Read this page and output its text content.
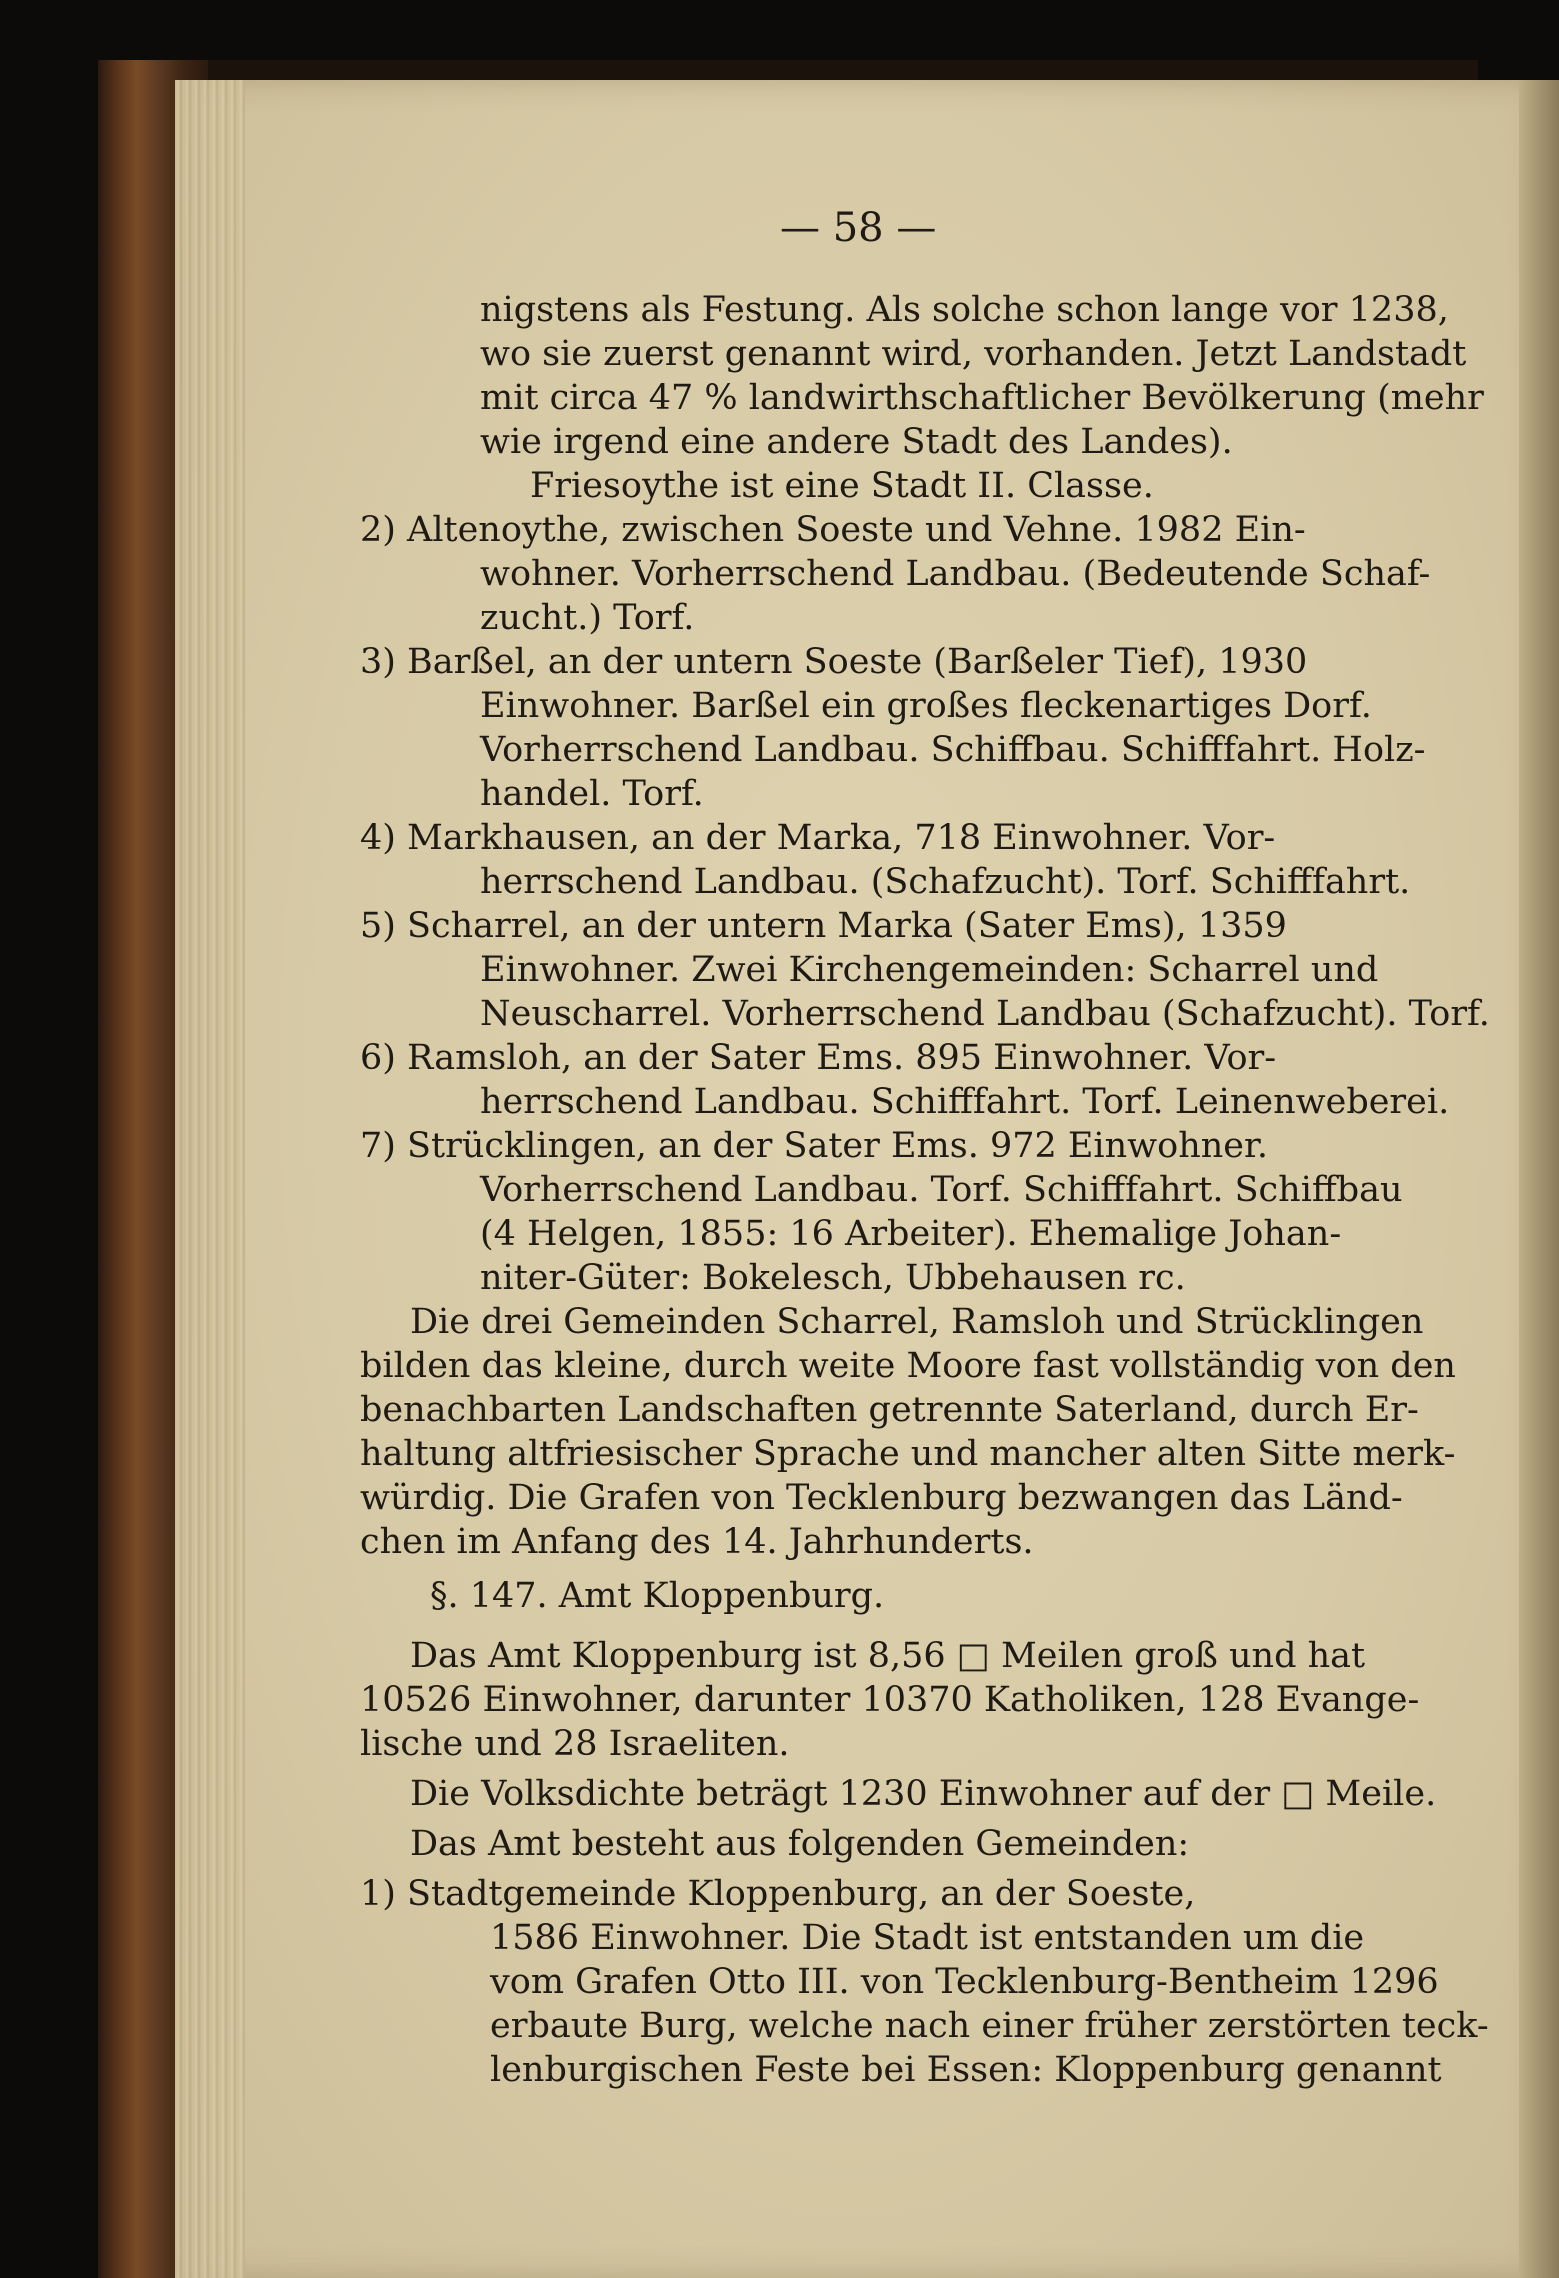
— 58 —
nigstens als Festung. Als solche schon lange vor 1238,
wo sie zuerst genannt wird, vorhanden. Jetzt Landstadt
mit circa 47 % landwirthschaftlicher Bevölkerung (mehr
wie irgend eine andere Stadt des Landes).
Friesoythe ist eine Stadt II. Classe.
2) Altenoythe, zwischen Soeste und Vehne. 1982 Ein-
wohner. Vorherrschend Landbau. (Bedeutende Schaf-
zucht.) Torf.
3) Barßel, an der untern Soeste (Barßeler Tief), 1930
Einwohner. Barßel ein großes fleckenartiges Dorf.
Vorherrschend Landbau. Schiffbau. Schifffahrt. Holz-
handel. Torf.
4) Markhausen, an der Marka, 718 Einwohner. Vor-
herrschend Landbau. (Schafzucht). Torf. Schifffahrt.
5) Scharrel, an der untern Marka (Sater Ems), 1359
Einwohner. Zwei Kirchengemeinden: Scharrel und
Neuscharrel. Vorherrschend Landbau (Schafzucht). Torf.
6) Ramsloh, an der Sater Ems. 895 Einwohner. Vor-
herrschend Landbau. Schifffahrt. Torf. Leinenweberei.
7) Strücklingen, an der Sater Ems. 972 Einwohner.
Vorherrschend Landbau. Torf. Schifffahrt. Schiffbau
(4 Helgen, 1855: 16 Arbeiter). Ehemalige Johan-
niter-Güter: Bokelesch, Ubbehausen rc.
Die drei Gemeinden Scharrel, Ramsloh und Strücklingen
bilden das kleine, durch weite Moore fast vollständig von den
benachbarten Landschaften getrennte Saterland, durch Er-
haltung altfriesischer Sprache und mancher alten Sitte merk-
würdig. Die Grafen von Tecklenburg bezwangen das Länd-
chen im Anfang des 14. Jahrhunderts.
§. 147. Amt Kloppenburg.
Das Amt Kloppenburg ist 8,56 □ Meilen groß und hat
10526 Einwohner, darunter 10370 Katholiken, 128 Evange-
lische und 28 Israeliten.
Die Volksdichte beträgt 1230 Einwohner auf der □ Meile.
Das Amt besteht aus folgenden Gemeinden:
1) Stadtgemeinde Kloppenburg, an der Soeste,
1586 Einwohner. Die Stadt ist entstanden um die
vom Grafen Otto III. von Tecklenburg-Bentheim 1296
erbaute Burg, welche nach einer früher zerstörten teck-
lenburgischen Feste bei Essen: Kloppenburg genannt
